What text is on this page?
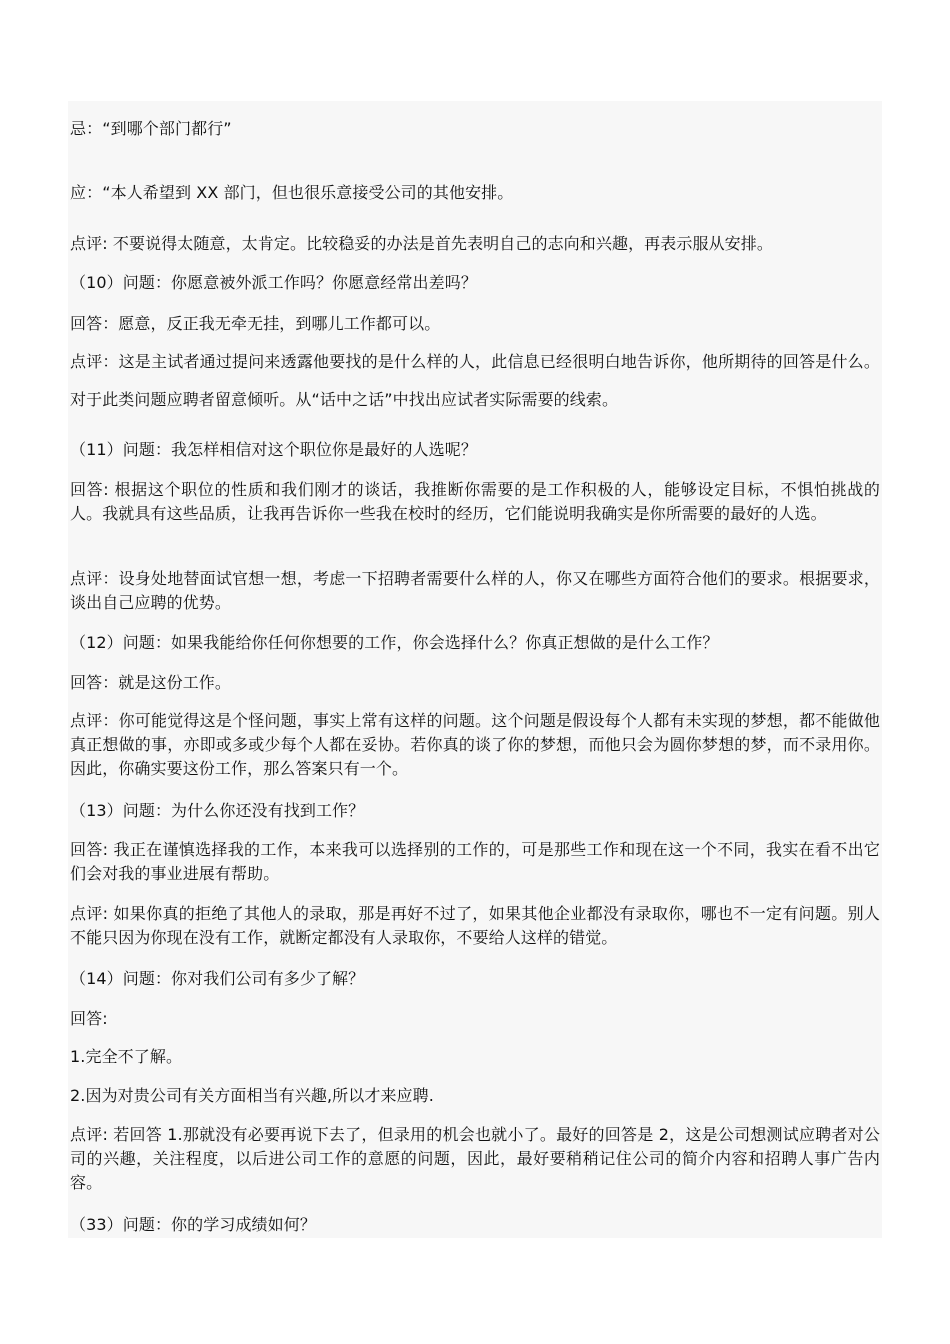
忌：“到哪个部门都行”
应：“本人希望到 XX 部门，但也很乐意接受公司的其他安排。
点评: 不要说得太随意，太肯定。比较稳妥的办法是首先表明自己的志向和兴趣，再表示服从安排。
（10）问题：你愿意被外派工作吗？你愿意经常出差吗？
回答：愿意，反正我无牵无挂，到哪儿工作都可以。
点评：这是主试者通过提问来透露他要找的是什么样的人，此信息已经很明白地告诉你，他所期待的回答是什么。对于此类问题应聘者留意倾听。从“话中之话”中找出应试者实际需要的线索。
（11）问题：我怎样相信对这个职位你是最好的人选呢？
回答: 根据这个职位的性质和我们刚才的谈话，我推断你需要的是工作积极的人，能够设定目标，不惧怕挑战的人。我就具有这些品质，让我再告诉你一些我在校时的经历，它们能说明我确实是你所需要的最好的人选。
点评：设身处地替面试官想一想，考虑一下招聘者需要什么样的人，你又在哪些方面符合他们的要求。根据要求，谈出自己应聘的优势。
（12）问题：如果我能给你任何你想要的工作，你会选择什么？你真正想做的是什么工作？
回答：就是这份工作。
点评：你可能觉得这是个怪问题，事实上常有这样的问题。这个问题是假设每个人都有未实现的梦想，都不能做他真正想做的事，亦即或多或少每个人都在妥协。若你真的谈了你的梦想，而他只会为圆你梦想的梦，而不录用你。因此，你确实要这份工作，那么答案只有一个。
（13）问题：为什么你还没有找到工作？
回答: 我正在谨慎选择我的工作，本来我可以选择别的工作的，可是那些工作和现在这一个不同，我实在看不出它们会对我的事业进展有帮助。
点评: 如果你真的拒绝了其他人的录取，那是再好不过了，如果其他企业都没有录取你，哪也不一定有问题。别人不能只因为你现在没有工作，就断定都没有人录取你，不要给人这样的错觉。
（14）问题：你对我们公司有多少了解？
回答:
1.完全不了解。
2.因为对贵公司有关方面相当有兴趣,所以才来应聘.
点评: 若回答 1.那就没有必要再说下去了，但录用的机会也就小了。最好的回答是 2，这是公司想测试应聘者对公司的兴趣，关注程度，以后进公司工作的意愿的问题，因此，最好要稍稍记住公司的简介内容和招聘人事广告内容。
（33）问题：你的学习成绩如何？
